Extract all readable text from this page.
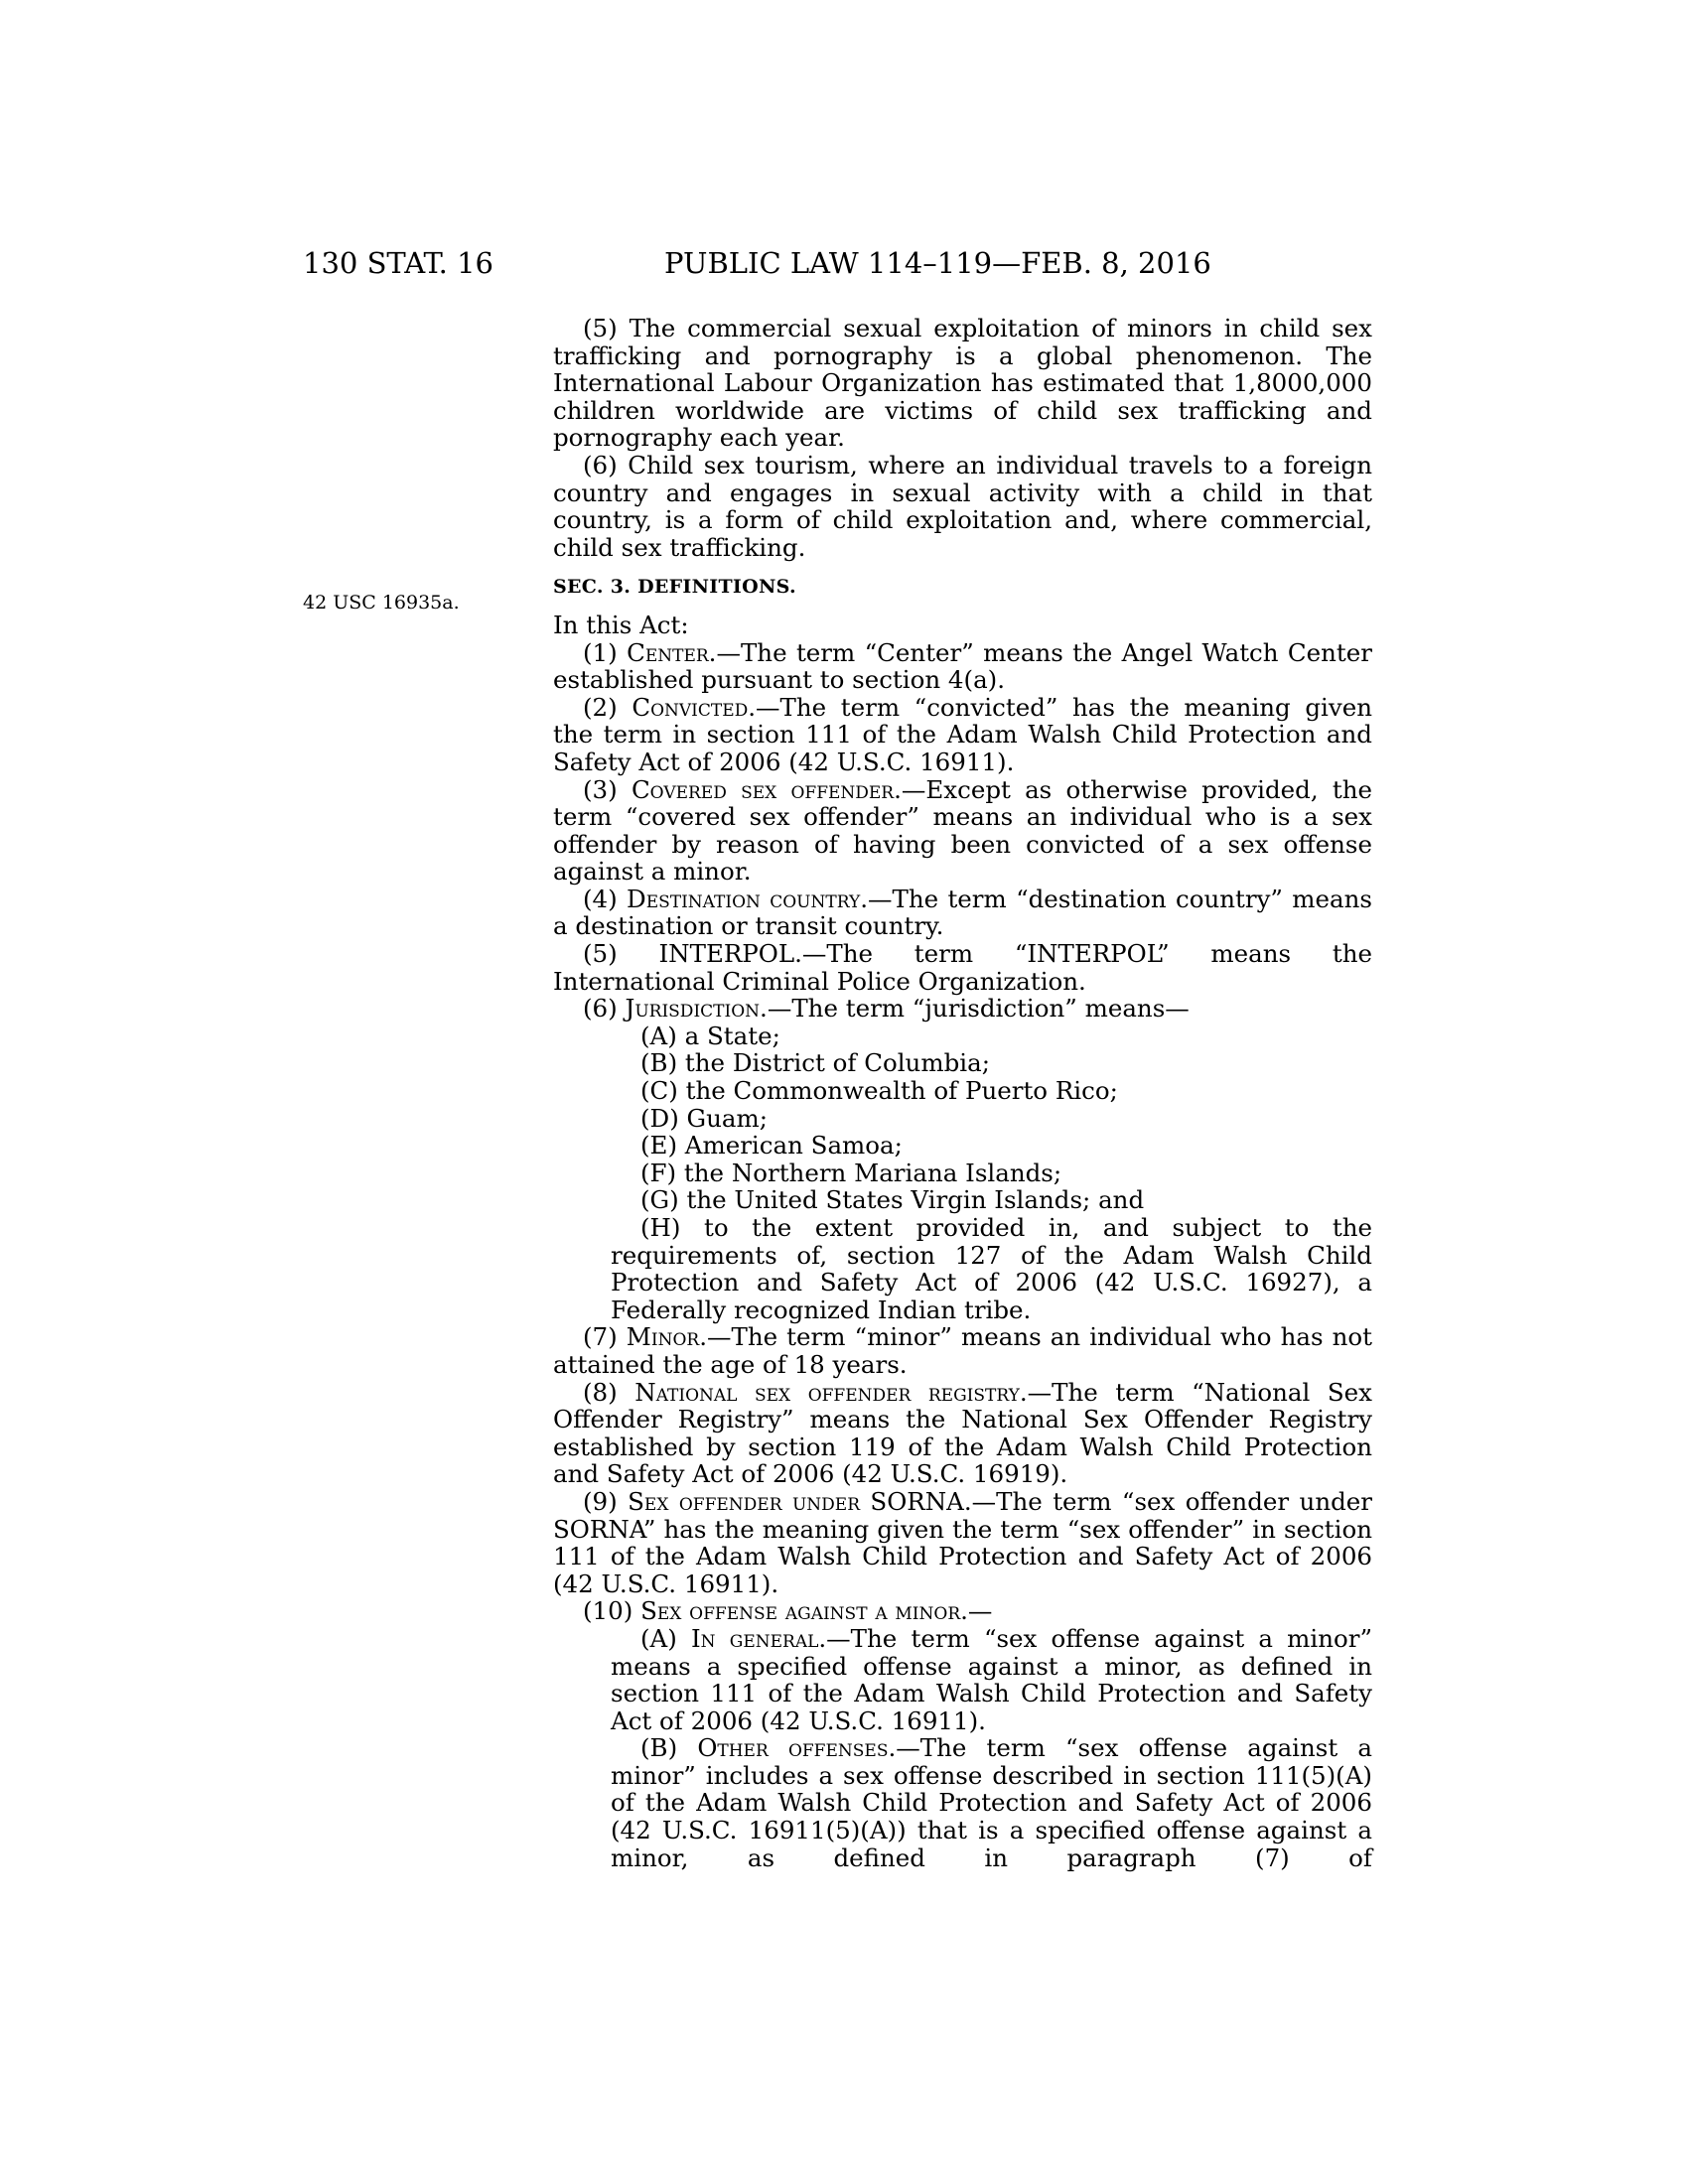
130 STAT. 16	PUBLIC LAW 114–119—FEB. 8, 2016
42 USC 16935a.

(5) The commercial sexual exploitation of minors in child sex trafficking and pornography is a global phenomenon. The International Labour Organization has estimated that 1,8000,000 children worldwide are victims of child sex trafficking and pornography each year.

(6) Child sex tourism, where an individual travels to a foreign country and engages in sexual activity with a child in that country, is a form of child exploitation and, where commercial, child sex trafficking.

SEC. 3. DEFINITIONS.

In this Act:

(1) Center.—The term “Center” means the Angel Watch Center established pursuant to section 4(a).

(2) Convicted.—The term “convicted” has the meaning given the term in section 111 of the Adam Walsh Child Protection and Safety Act of 2006 (42 U.S.C. 16911).

(3) Covered sex offender.—Except as otherwise provided, the term “covered sex offender” means an individual who is a sex offender by reason of having been convicted of a sex offense against a minor.

(4) Destination country.—The term “destination country” means a destination or transit country.

(5) INTERPOL.—The term “INTERPOL” means the International Criminal Police Organization.

(6) Jurisdiction.—The term “jurisdiction” means—

(A) a State;

(B) the District of Columbia;

(C) the Commonwealth of Puerto Rico;

(D) Guam;

(E) American Samoa;

(F) the Northern Mariana Islands;

(G) the United States Virgin Islands; and

(H) to the extent provided in, and subject to the requirements of, section 127 of the Adam Walsh Child Protection and Safety Act of 2006 (42 U.S.C. 16927), a Federally recognized Indian tribe.

(7) Minor.—The term “minor” means an individual who has not attained the age of 18 years.

(8) National sex offender registry.—The term “National Sex Offender Registry” means the National Sex Offender Registry established by section 119 of the Adam Walsh Child Protection and Safety Act of 2006 (42 U.S.C. 16919).

(9) Sex offender under SORNA.—The term “sex offender under SORNA” has the meaning given the term “sex offender” in section 111 of the Adam Walsh Child Protection and Safety Act of 2006 (42 U.S.C. 16911).

(10) Sex offense against a minor.—

(A) In general.—The term “sex offense against a minor” means a specified offense against a minor, as defined in section 111 of the Adam Walsh Child Protection and Safety Act of 2006 (42 U.S.C. 16911).

(B) Other offenses.—The term “sex offense against a minor” includes a sex offense described in section 111(5)(A) of the Adam Walsh Child Protection and Safety Act of 2006 (42 U.S.C. 16911(5)(A)) that is a specified offense against a minor, as defined in paragraph (7) of
